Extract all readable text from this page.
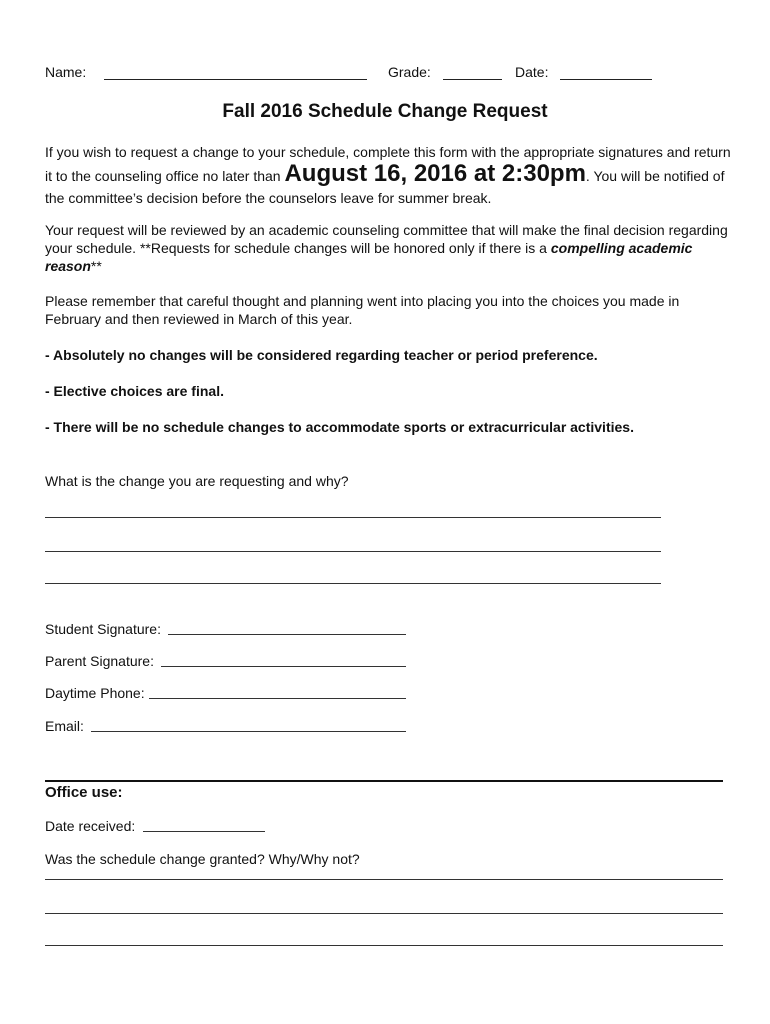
Name:	Grade:	Date:
Fall 2016 Schedule Change Request
If you wish to request a change to your schedule, complete this form with the appropriate signatures and return it to the counseling office no later than August 16, 2016 at 2:30pm. You will be notified of the committee’s decision before the counselors leave for summer break.
Your request will be reviewed by an academic counseling committee that will make the final decision regarding your schedule. **Requests for schedule changes will be honored only if there is a compelling academic reason**
Please remember that careful thought and planning went into placing you into the choices you made in February and then reviewed in March of this year.
- Absolutely no changes will be considered regarding teacher or period preference.
- Elective choices are final.
- There will be no schedule changes to accommodate sports or extracurricular activities.
What is the change you are requesting and why?
Student Signature:
Parent Signature:
Daytime Phone:
Email:
Office use:
Date received:
Was the schedule change granted? Why/Why not?
